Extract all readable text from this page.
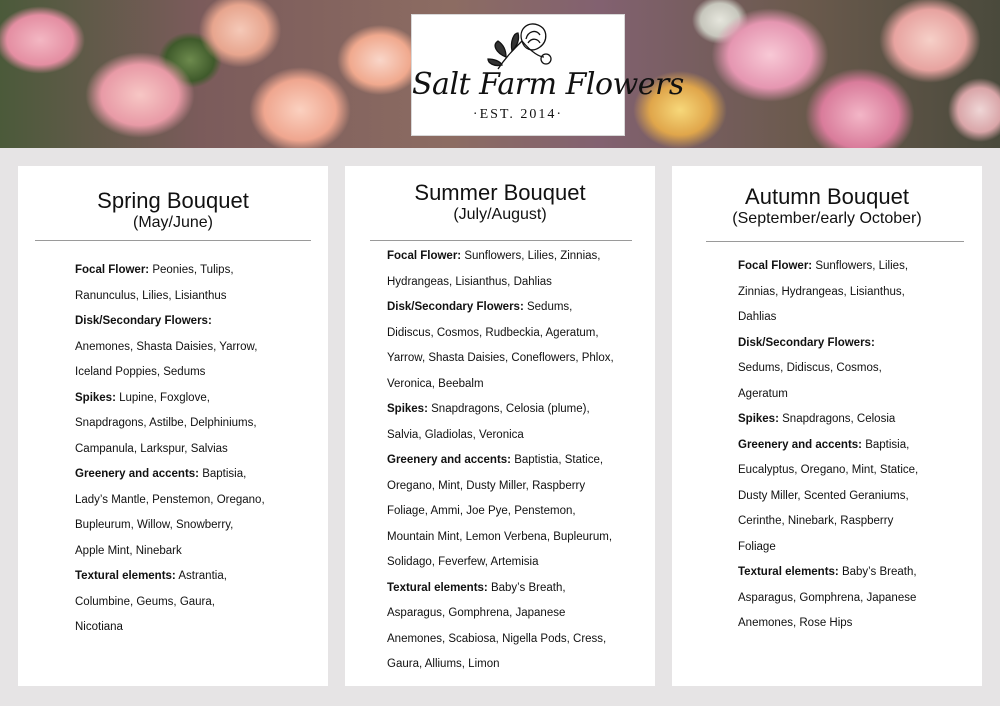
Salt Farm Flowers
·EST. 2014·
Spring Bouquet
(May/June)

Focal Flower: Peonies, Tulips, Ranunculus, Lilies, Lisianthus

Disk/Secondary Flowers: Anemones, Shasta Daisies, Yarrow, Iceland Poppies, Sedums

Spikes: Lupine, Foxglove, Snapdragons, Astilbe, Delphiniums, Campanula, Larkspur, Salvias

Greenery and accents: Baptisia, Lady’s Mantle, Penstemon, Oregano, Bupleurum, Willow, Snowberry, Apple Mint, Ninebark

Textural elements: Astrantia, Columbine, Geums, Gaura, Nicotiana

Summer Bouquet
(July/August)

Focal Flower: Sunflowers, Lilies, Zinnias, Hydrangeas, Lisianthus, Dahlias

Disk/Secondary Flowers: Sedums, Didiscus, Cosmos, Rudbeckia, Ageratum, Yarrow, Shasta Daisies, Coneflowers, Phlox, Veronica, Beebalm

Spikes: Snapdragons, Celosia (plume), Salvia, Gladiolas, Veronica

Greenery and accents: Baptistia, Statice, Oregano, Mint, Dusty Miller, Raspberry Foliage, Ammi, Joe Pye, Penstemon, Mountain Mint, Lemon Verbena, Bupleurum, Solidago, Feverfew, Artemisia

Textural elements: Baby’s Breath, Asparagus, Gomphrena, Japanese Anemones, Scabiosa, Nigella Pods, Cress, Gaura, Alliums, Limon

Autumn Bouquet
(September/early October)

Focal Flower: Sunflowers, Lilies, Zinnias, Hydrangeas, Lisianthus, Dahlias

Disk/Secondary Flowers: Sedums, Didiscus, Cosmos, Ageratum

Spikes: Snapdragons, Celosia

Greenery and accents: Baptisia, Eucalyptus, Oregano, Mint, Statice, Dusty Miller, Scented Geraniums, Cerinthe, Ninebark, Raspberry Foliage

Textural elements: Baby’s Breath, Asparagus, Gomphrena, Japanese Anemones, Rose Hips
